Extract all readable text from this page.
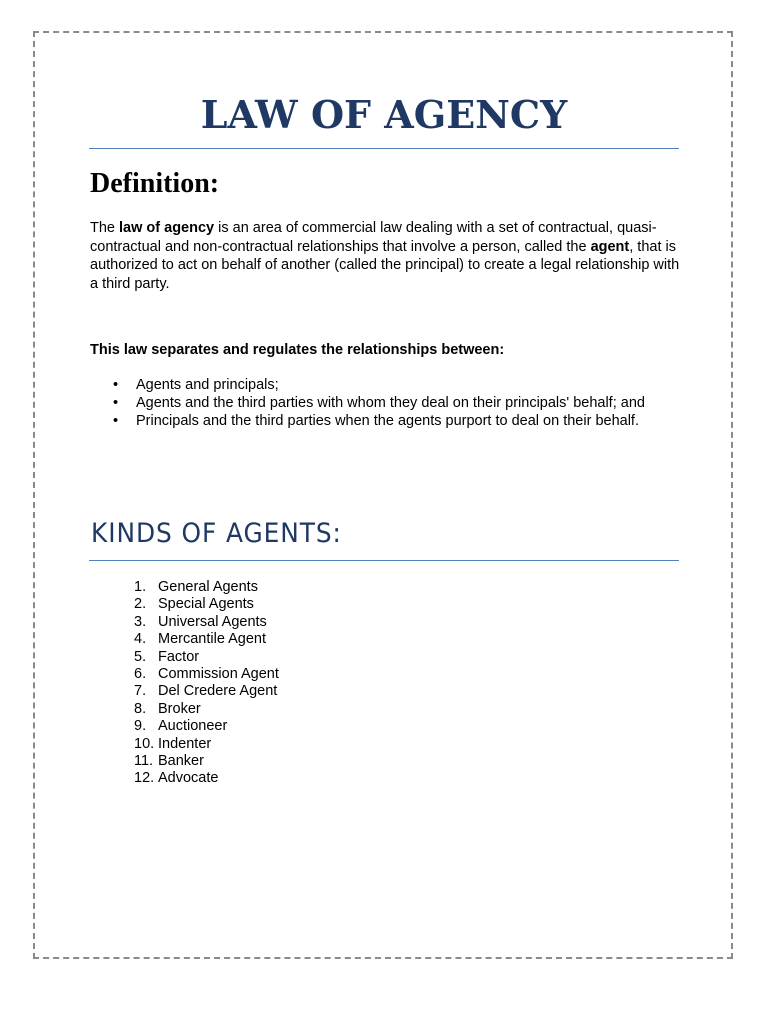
LAW OF AGENCY
Definition:

The law of agency is an area of commercial law dealing with a set of contractual, quasi-contractual and non-contractual relationships that involve a person, called the agent, that is authorized to act on behalf of another (called the principal) to create a legal relationship with a third party.

This law separates and regulates the relationships between:

• Agents and principals;
• Agents and the third parties with whom they deal on their principals' behalf; and
• Principals and the third parties when the agents purport to deal on their behalf.
KINDS OF AGENTS:
1. General Agents
2. Special Agents
3. Universal Agents
4. Mercantile Agent
5. Factor
6. Commission Agent
7. Del Credere Agent
8. Broker
9. Auctioneer
10. Indenter
11. Banker
12. Advocate
